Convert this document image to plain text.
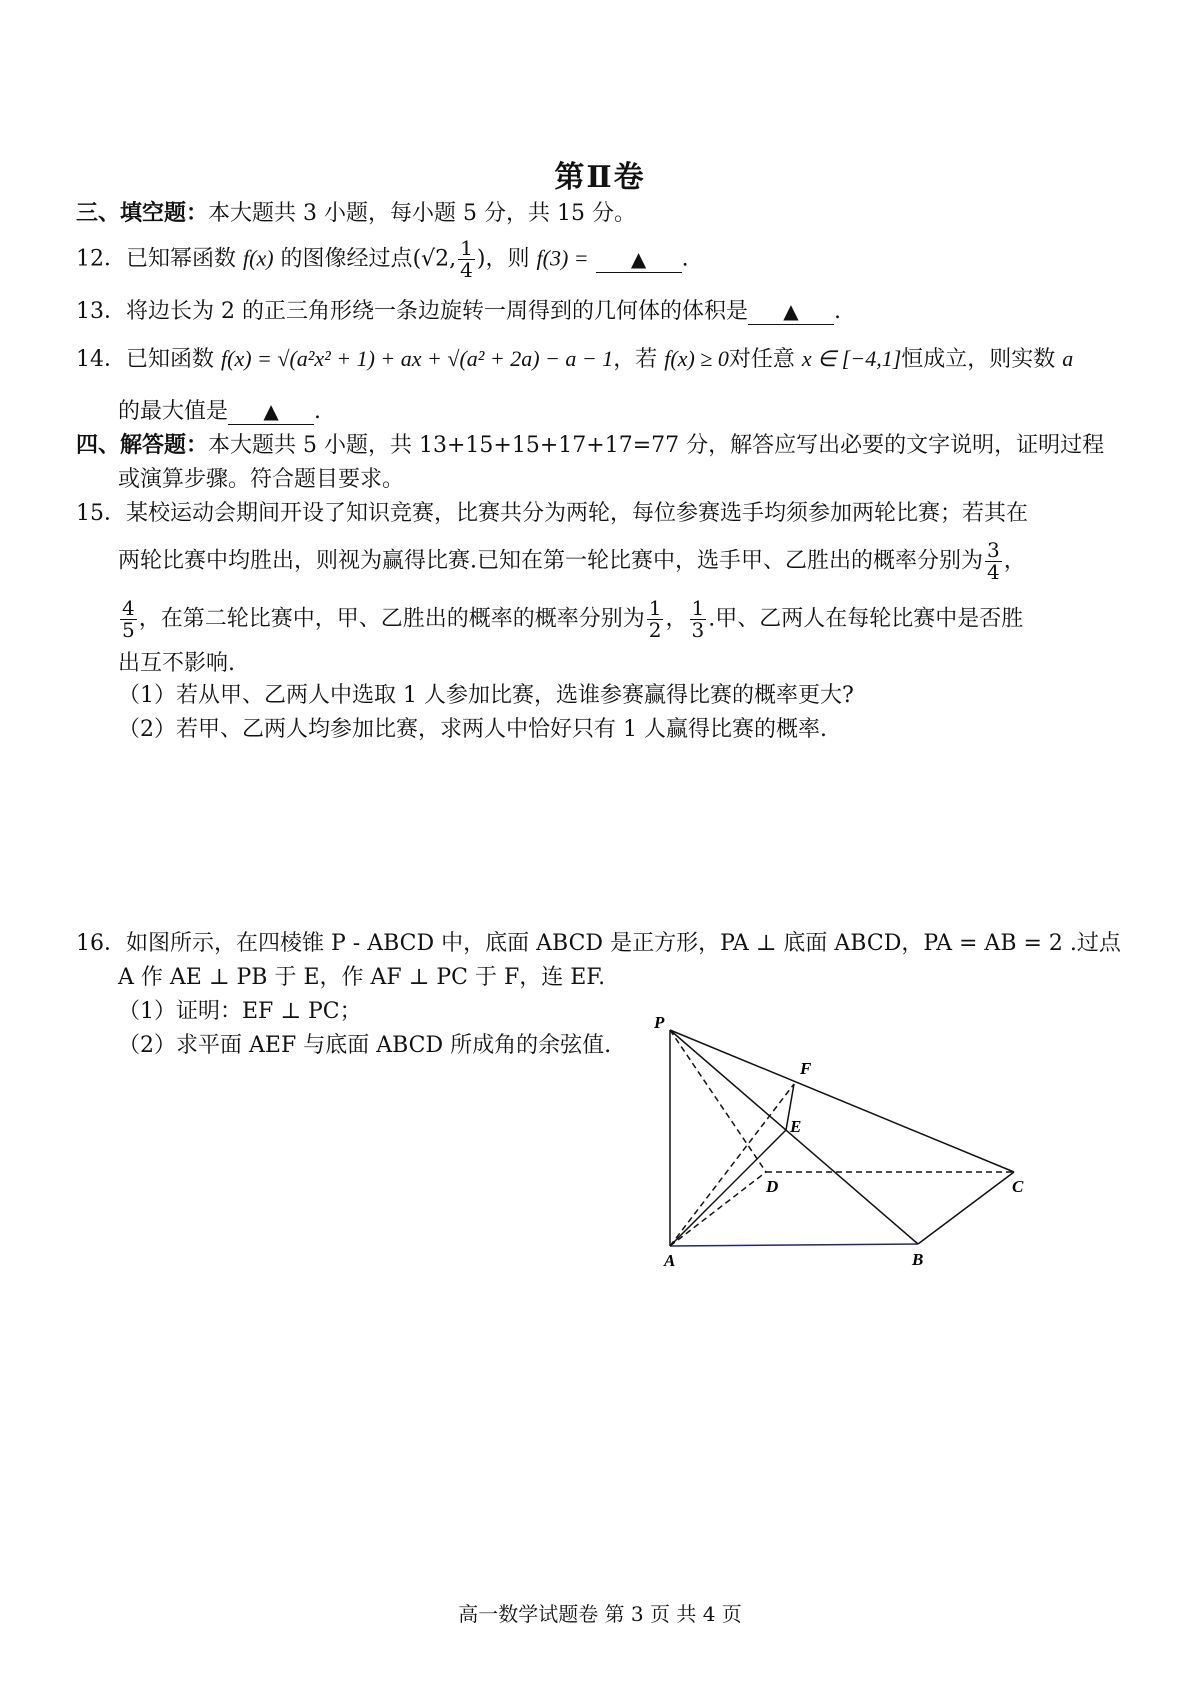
第Ⅱ卷
三、填空题：本大题共 3 小题，每小题 5 分，共 15 分。
12．已知幂函数 f(x) 的图像经过点(√2, $\frac{1}{4}$ )，则 f(3) = ▲ .
13．将边长为 2 的正三角形绕一条边旋转一周得到的几何体的体积是 ▲ .
14．已知函数 f(x) = √(a²x² + 1) + ax + √(a² + 2a) − a − 1，若 f(x) ≥ 0对任意 x ∈ [−4,1]恒成立，则实数 a
的最大值是 ▲ .
四、解答题：本大题共 5 小题，共 13+15+15+17+17=77 分，解答应写出必要的文字说明，证明过程
或演算步骤。符合题目要求。
15．某校运动会期间开设了知识竞赛，比赛共分为两轮，每位参赛选手均须参加两轮比赛；若其在
两轮比赛中均胜出，则视为赢得比赛.已知在第一轮比赛中，选手甲、乙胜出的概率分别为 $\frac{3}{4}$ ，
$\frac{4}{5}$ ，在第二轮比赛中，甲、乙胜出的概率的概率分别为 $\frac{1}{2}$ ， $\frac{1}{3}$ .甲、乙两人在每轮比赛中是否胜
出互不影响.
（1）若从甲、乙两人中选取 1 人参加比赛，选谁参赛赢得比赛的概率更大?
（2）若甲、乙两人均参加比赛，求两人中恰好只有 1 人赢得比赛的概率.
16．如图所示，在四棱锥 P - ABCD 中，底面 ABCD 是正方形，PA ⊥ 底面 ABCD，PA = AB = 2 .过点
A 作 AE ⊥ PB 于 E，作 AF ⊥ PC 于 F，连 EF.
（1）证明：EF ⊥ PC；
（2）求平面 AEF 与底面 ABCD 所成角的余弦值.
P
A	B
C
D
E
F
高一数学试题卷 第 3 页 共 4 页
